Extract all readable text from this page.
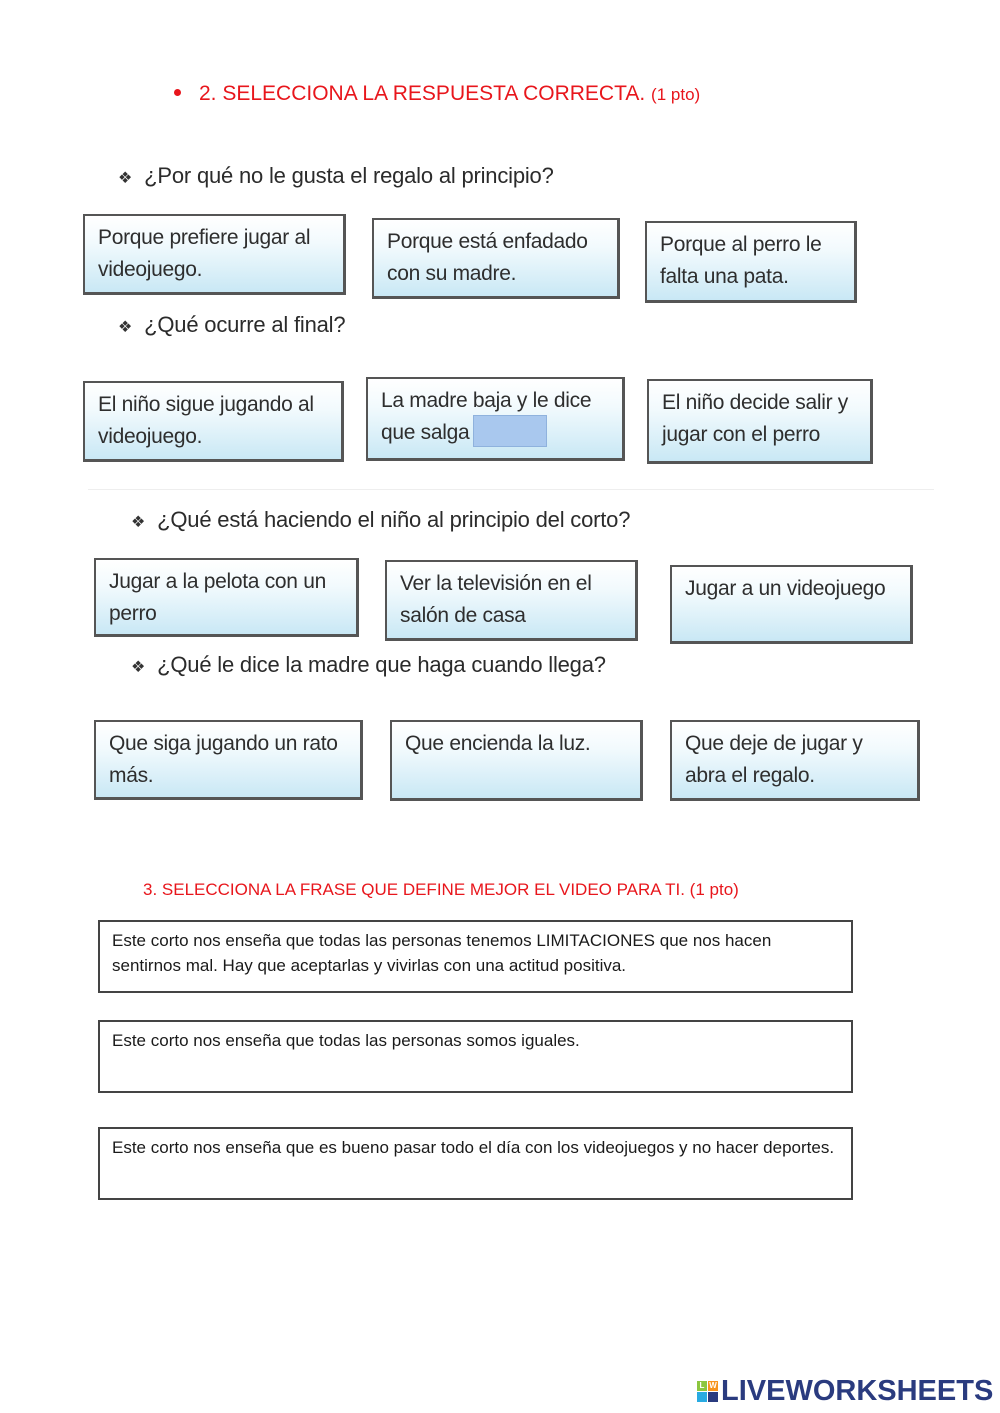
2. SELECCIONA LA RESPUESTA CORRECTA. (1 pto)
❖ ¿Por qué no le gusta el regalo al principio?
Porque prefiere jugar al videojuego.
Porque está enfadado con su madre.
Porque al perro le falta una pata.
❖ ¿Qué ocurre al final?
El niño sigue jugando al videojuego.
La madre baja y le dice que salga
El niño decide salir y jugar con el perro
❖ ¿Qué está haciendo el niño al principio del corto?
Jugar a la pelota con un perro
Ver la televisión en el salón de casa
Jugar a un videojuego
❖ ¿Qué le dice la madre que haga cuando llega?
Que siga jugando un rato más.
Que encienda la luz.	Que deje de jugar y abra el regalo.
3. SELECCIONA LA FRASE QUE DEFINE MEJOR EL VIDEO PARA TI. (1 pto)
Este corto nos enseña que todas las personas tenemos LIMITACIONES que nos hacen sentirnos mal. Hay que aceptarlas y vivirlas con una actitud positiva.
Este corto nos enseña que todas las personas somos iguales.
Este corto nos enseña que es bueno pasar todo el día con los videojuegos y no hacer deportes.
L W LIVEWORKSHEETS
